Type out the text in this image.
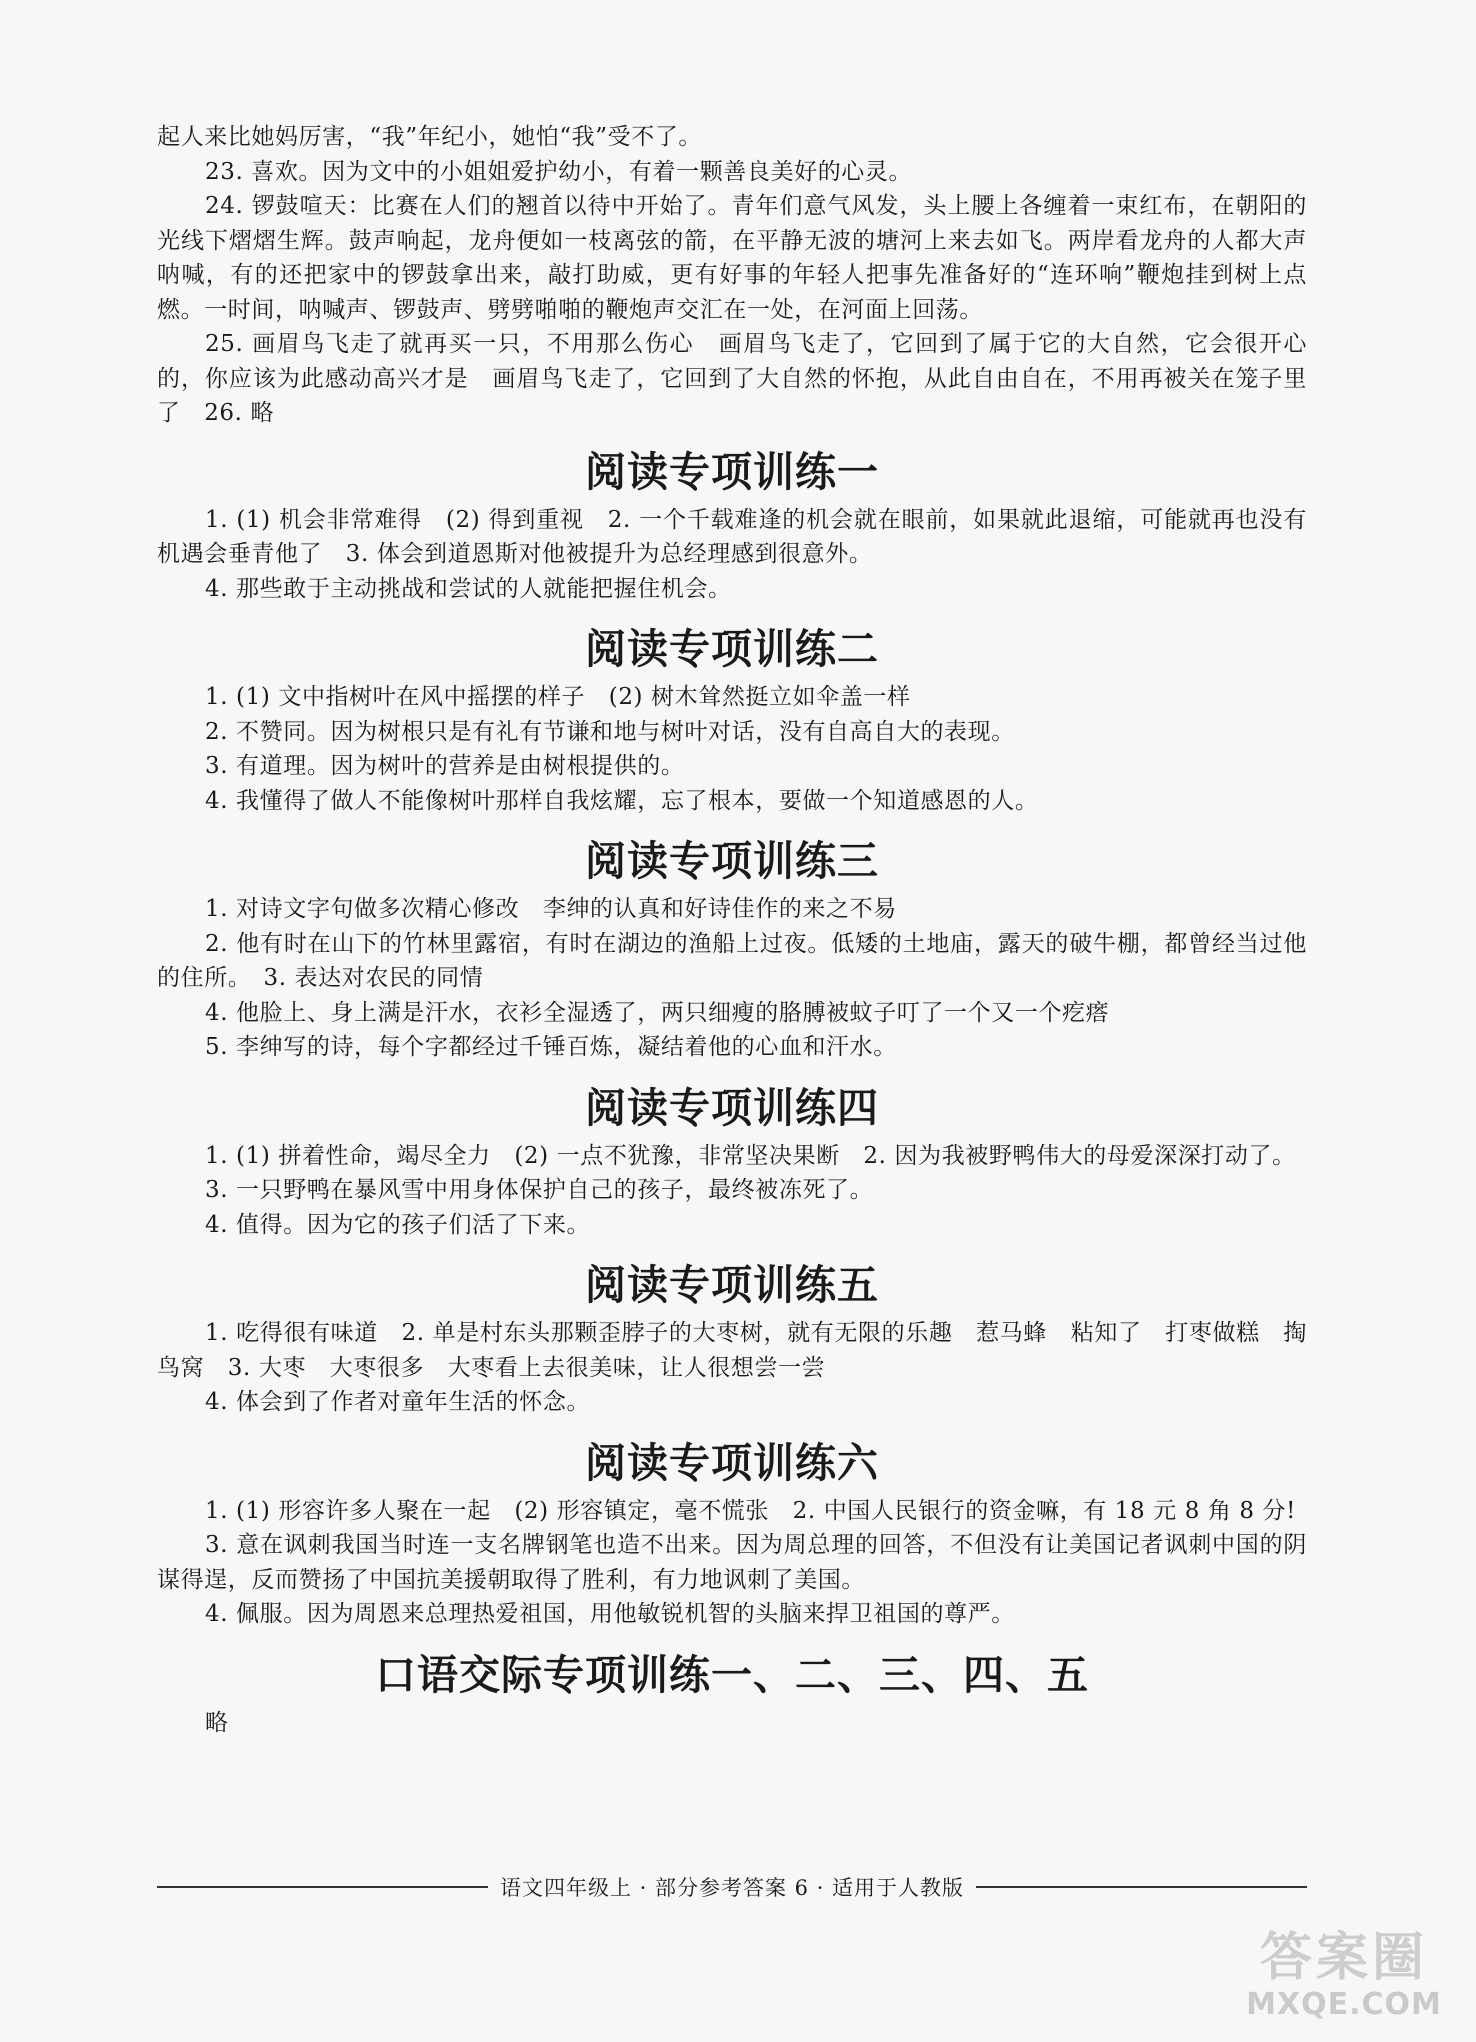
起人来比她妈厉害，“我”年纪小，她怕“我”受不了。

23. 喜欢。因为文中的小姐姐爱护幼小，有着一颗善良美好的心灵。

24. 锣鼓喧天：比赛在人们的翘首以待中开始了。青年们意气风发，头上腰上各缠着一束红布，在朝阳的光线下熠熠生辉。鼓声响起，龙舟便如一枝离弦的箭，在平静无波的塘河上来去如飞。两岸看龙舟的人都大声呐喊，有的还把家中的锣鼓拿出来，敲打助威，更有好事的年轻人把事先准备好的“连环响”鞭炮挂到树上点燃。一时间，呐喊声、锣鼓声、劈劈啪啪的鞭炮声交汇在一处，在河面上回荡。

25. 画眉鸟飞走了就再买一只，不用那么伤心　画眉鸟飞走了，它回到了属于它的大自然，它会很开心的，你应该为此感动高兴才是　画眉鸟飞走了，它回到了大自然的怀抱，从此自由自在，不用再被关在笼子里了　26. 略

阅读专项训练一

1. (1) 机会非常难得　(2) 得到重视　2. 一个千载难逢的机会就在眼前，如果就此退缩，可能就再也没有机遇会垂青他了　3. 体会到道恩斯对他被提升为总经理感到很意外。

4. 那些敢于主动挑战和尝试的人就能把握住机会。

阅读专项训练二

1. (1) 文中指树叶在风中摇摆的样子　(2) 树木耸然挺立如伞盖一样

2. 不赞同。因为树根只是有礼有节谦和地与树叶对话，没有自高自大的表现。

3. 有道理。因为树叶的营养是由树根提供的。

4. 我懂得了做人不能像树叶那样自我炫耀，忘了根本，要做一个知道感恩的人。

阅读专项训练三

1. 对诗文字句做多次精心修改　李绅的认真和好诗佳作的来之不易

2. 他有时在山下的竹林里露宿，有时在湖边的渔船上过夜。低矮的土地庙，露天的破牛棚，都曾经当过他的住所。　3. 表达对农民的同情

4. 他脸上、身上满是汗水，衣衫全湿透了，两只细瘦的胳膊被蚊子叮了一个又一个疙瘩

5. 李绅写的诗，每个字都经过千锤百炼，凝结着他的心血和汗水。

阅读专项训练四

1. (1) 拼着性命，竭尽全力　(2) 一点不犹豫，非常坚决果断　2. 因为我被野鸭伟大的母爱深深打动了。

3. 一只野鸭在暴风雪中用身体保护自己的孩子，最终被冻死了。

4. 值得。因为它的孩子们活了下来。

阅读专项训练五

1. 吃得很有味道　2. 单是村东头那颗歪脖子的大枣树，就有无限的乐趣　惹马蜂　粘知了　打枣做糕　掏鸟窝　3. 大枣　大枣很多　大枣看上去很美味，让人很想尝一尝

4. 体会到了作者对童年生活的怀念。

阅读专项训练六

1. (1) 形容许多人聚在一起　(2) 形容镇定，毫不慌张　2. 中国人民银行的资金嘛，有 18 元 8 角 8 分!

3. 意在讽刺我国当时连一支名牌钢笔也造不出来。因为周总理的回答，不但没有让美国记者讽刺中国的阴谋得逞，反而赞扬了中国抗美援朝取得了胜利，有力地讽刺了美国。

4. 佩服。因为周恩来总理热爱祖国，用他敏锐机智的头脑来捍卫祖国的尊严。

口语交际专项训练一、二、三、四、五

略

语文四年级上 · 部分参考答案 6 · 适用于人教版
答案圈
MXQE.COM
